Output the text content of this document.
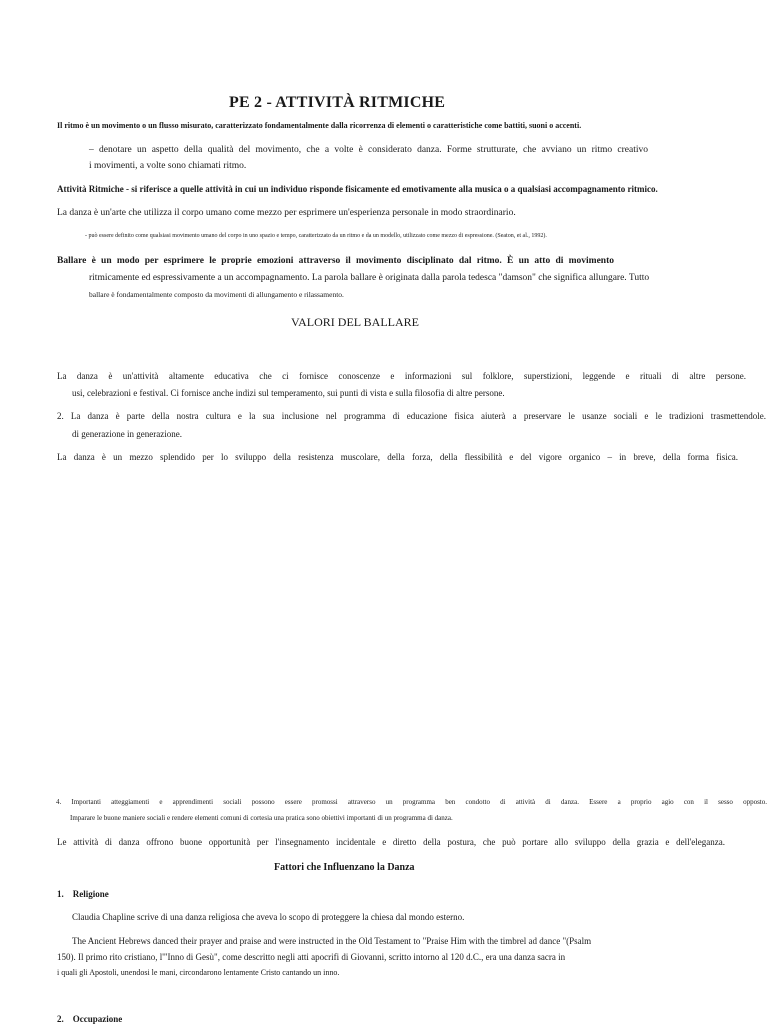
PE 2 - ATTIVITÀ RITMICHE
Il ritmo è un movimento o un flusso misurato, caratterizzato fondamentalmente dalla ricorrenza di elementi o caratteristiche come battiti, suoni o accenti.
– denotare un aspetto della qualità del movimento, che a volte è considerato danza. Forme strutturate, che avviano un ritmo creativo
i movimenti, a volte sono chiamati ritmo.
Attività Ritmiche - si riferisce a quelle attività in cui un individuo risponde fisicamente ed emotivamente alla musica o a qualsiasi accompagnamento ritmico.
La danza è un'arte che utilizza il corpo umano come mezzo per esprimere un'esperienza personale in modo straordinario.
- può essere definito come qualsiasi movimento umano del corpo in uno spazio e tempo, caratterizzato da un ritmo e da un modello, utilizzato come mezzo di espressione. (Seaton, et al., 1992).
Ballare è un modo per esprimere le proprie emozioni attraverso il movimento disciplinato dal ritmo. È un atto di movimento
ritmicamente ed espressivamente a un accompagnamento. La parola ballare è originata dalla parola tedesca "damson" che significa allungare. Tutto
ballare è fondamentalmente composto da movimenti di allungamento e rilassamento.
VALORI DEL BALLARE
La danza è un'attività altamente educativa che ci fornisce conoscenze e informazioni sul folklore, superstizioni, leggende e rituali di altre persone.
usi, celebrazioni e festival. Ci fornisce anche indizi sul temperamento, sui punti di vista e sulla filosofia di altre persone.
2. La danza è parte della nostra cultura e la sua inclusione nel programma di educazione fisica aiuterà a preservare le usanze sociali e le tradizioni trasmettendole.
di generazione in generazione.
La danza è un mezzo splendido per lo sviluppo della resistenza muscolare, della forza, della flessibilità e del vigore organico – in breve, della forma fisica.
4. Importanti atteggiamenti e apprendimenti sociali possono essere promossi attraverso un programma ben condotto di attività di danza. Essere a proprio agio con il sesso opposto.
Imparare le buone maniere sociali e rendere elementi comuni di cortesia una pratica sono obiettivi importanti di un programma di danza.
Le attività di danza offrono buone opportunità per l'insegnamento incidentale e diretto della postura, che può portare allo sviluppo della grazia e dell'eleganza.
Fattori che Influenzano la Danza
1.    Religione
Claudia Chapline scrive di una danza religiosa che aveva lo scopo di proteggere la chiesa dal mondo esterno.
The Ancient Hebrews danced their prayer and praise and were instructed in the Old Testament to "Praise Him with the timbrel ad dance "(Psalm
150). Il primo rito cristiano, l'"Inno di Gesù", come descritto negli atti apocrifi di Giovanni, scritto intorno al 120 d.C., era una danza sacra in
i quali gli Apostoli, unendosi le mani, circondarono lentamente Cristo cantando un inno.
2.    Occupazione
